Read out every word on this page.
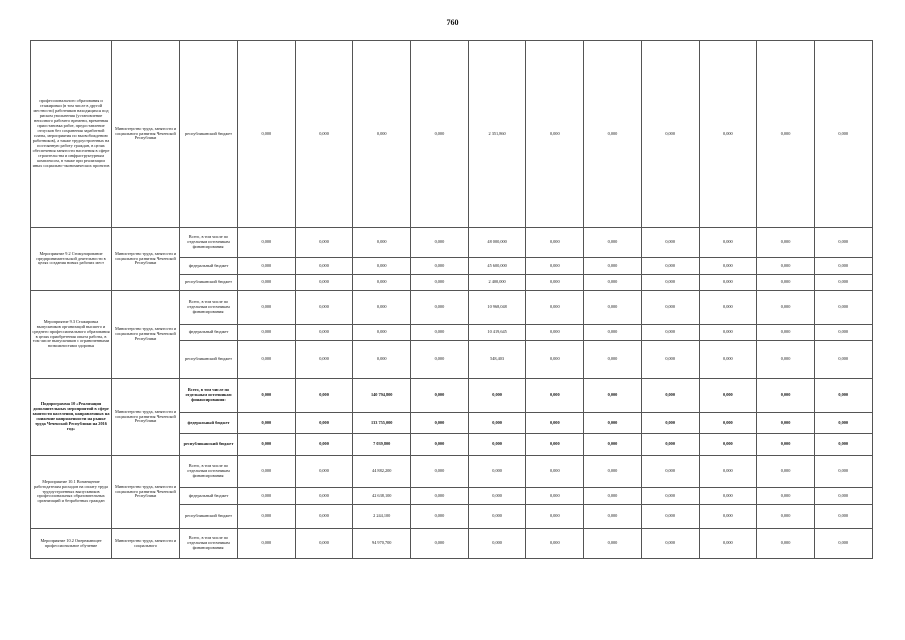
760
профессионального образования и стажировки (в том числе в другой местности) работников находящихся под риском увольнения (установление неполного рабочего времени, временная приостановка работ, предоставление отпусков без сохранения заработной платы, мероприятия по высвобождению работников), а также трудоустроенных на постоянную работу граждан, в целях обеспечения занятости населения в сфере строительства и инфраструктурным комплексом, в также при реализации иных социально-экономических проектов	Министерство труда, занятости и социального развития Чеченской Республики	республиканский бюджет	0,000	0,000	0,000	0,000	2 351,860	0,000	0,000	0,000	0,000	0,000	0,000
Мероприятие 9.2 Стимулирование предпринимательской деятельности в целях создания новых рабочих мест	Министерство труда, занятости и социального развития Чеченской Республики	Всего, в том числе по отдельным источникам финансирования:	0,000	0,000	0,000	0,000	48 000,000	0,000	0,000	0,000	0,000	0,000	0,000
		федеральный бюджет	0,000	0,000	0,000	0,000	45 600,000	0,000	0,000	0,000	0,000	0,000	0,000
		республиканский бюджет	0,000	0,000	0,000	0,000	2 400,000	0,000	0,000	0,000	0,000	0,000	0,000
Мероприятие 9.3 Стажировка выпускников организаций высшего и среднего профессионального образования в целях приобретения опыта работы, в том числе выпускников с ограниченными возможностями здоровья	Министерство труда, занятости и социального развития Чеченской Республики	Всего, в том числе по отдельным источникам финансирования:	0,000	0,000	0,000	0,000	10 968,048	0,000	0,000	0,000	0,000	0,000	0,000
		федеральный бюджет	0,000	0,000	0,000	0,000	10 419,645	0,000	0,000	0,000	0,000	0,000	0,000
		республиканский бюджет	0,000	0,000	0,000	0,000	548,403	0,000	0,000	0,000	0,000	0,000	0,000
Подпрограмма 10 «Реализация дополнительных мероприятий в сфере занятости населения, направленных на снижение напряженности на рынке труда Чеченской Республики на 2016 год»	Министерство труда, занятости и социального развития Чеченской Республики	Всего, в том числе по отдельным источникам финансирования:	0,000	0,000	140 794,800	0,000	0,000	0,000	0,000	0,000	0,000	0,000	0,000
		федеральный бюджет	0,000	0,000	133 755,000	0,000	0,000	0,000	0,000	0,000	0,000	0,000	0,000
		республиканский бюджет	0,000	0,000	7 039,800	0,000	0,000	0,000	0,000	0,000	0,000	0,000	0,000
Мероприятие 10.1 Возмещение работодателям расходов на оплату труда трудоустроенных выпускников профессиональных образовательных организаций и безработных граждан	Министерство труда, занятости и социального развития Чеченской Республики	Всего, в том числе по отдельным источникам финансирования:	0,000	0,000	44 882,200	0,000	0,000	0,000	0,000	0,000	0,000	0,000	0,000
		федеральный бюджет	0,000	0,000	42 638,100	0,000	0,000	0,000	0,000	0,000	0,000	0,000	0,000
		республиканский бюджет	0,000	0,000	2 244,100	0,000	0,000	0,000	0,000	0,000	0,000	0,000	0,000
Мероприятие 10.2 Опережающее профессиональное обучение	Министерство труда, занятости и социального	Всего, в том числе по отдельным источникам финансирования:	0,000	0,000	94 970,700	0,000	0,000	0,000	0,000	0,000	0,000	0,000	0,000
